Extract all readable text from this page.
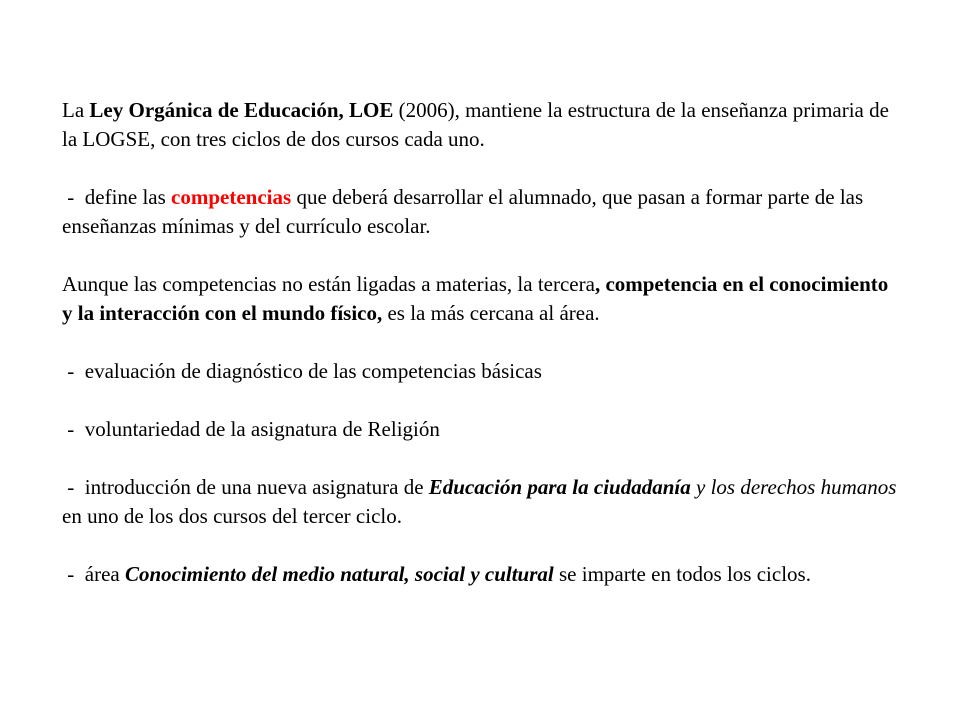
La Ley Orgánica de Educación, LOE (2006), mantiene la estructura de la enseñanza primaria de la LOGSE, con tres ciclos de dos cursos cada uno.

- define las competencias que deberá desarrollar el alumnado, que pasan a formar parte de las enseñanzas mínimas y del currículo escolar.

Aunque las competencias no están ligadas a materias, la tercera, competencia en el conocimiento y la interacción con el mundo físico, es la más cercana al área.

- evaluación de diagnóstico de las competencias básicas

- voluntariedad de la asignatura de Religión

- introducción de una nueva asignatura de Educación para la ciudadanía y los derechos humanos en uno de los dos cursos del tercer ciclo.

- área Conocimiento del medio natural, social y cultural se imparte en todos los ciclos.
